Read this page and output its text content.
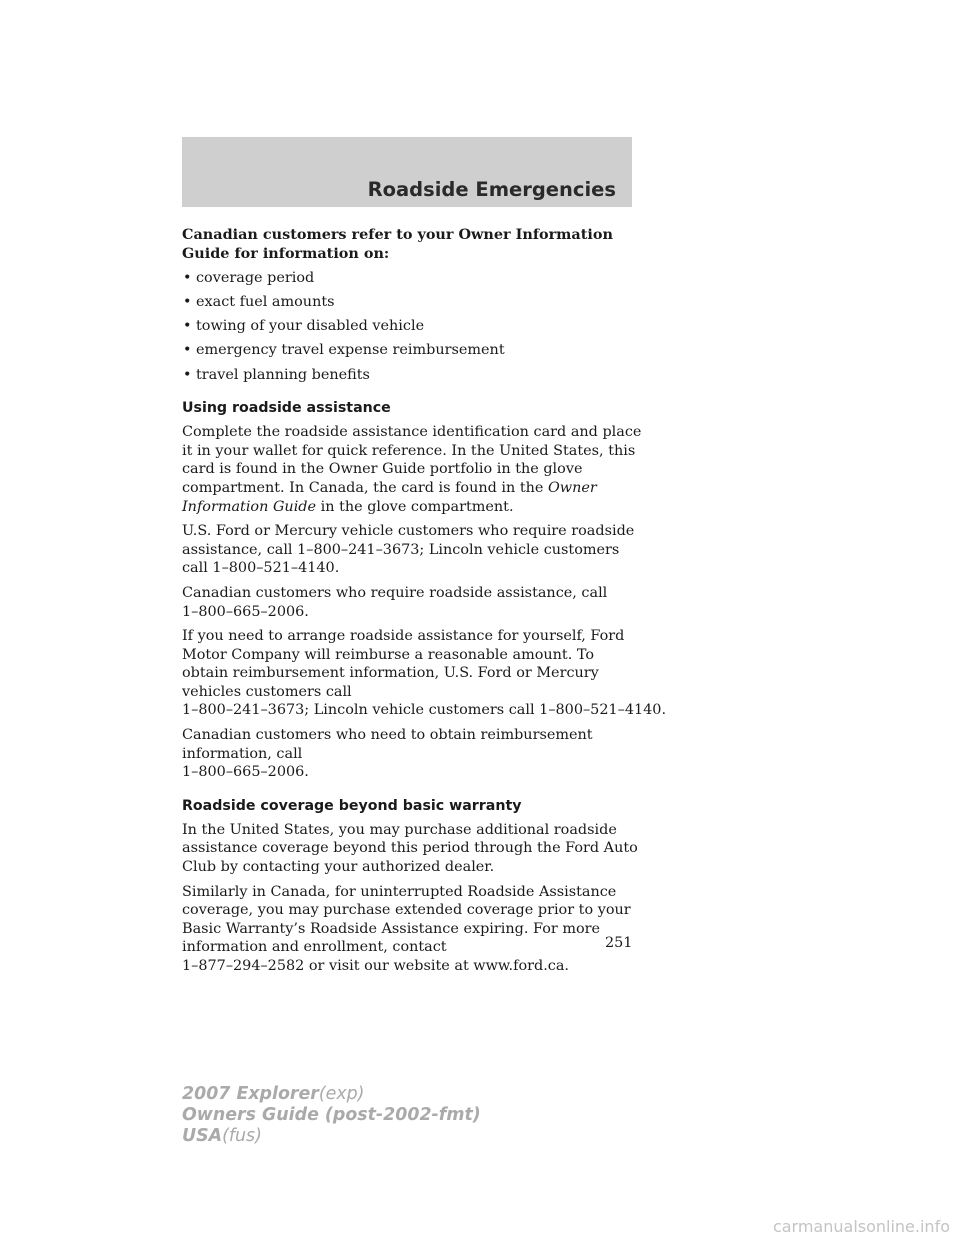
Roadside Emergencies

Canadian customers refer to your Owner Information Guide for information on:

• coverage period
• exact fuel amounts
• towing of your disabled vehicle
• emergency travel expense reimbursement
• travel planning benefits
Using roadside assistance

Complete the roadside assistance identification card and place it in your wallet for quick reference. In the United States, this card is found in the Owner Guide portfolio in the glove compartment. In Canada, the card is found in the Owner Information Guide in the glove compartment.

U.S. Ford or Mercury vehicle customers who require roadside assistance, call 1–800–241–3673; Lincoln vehicle customers call 1–800–521–4140.

Canadian customers who require roadside assistance, call
1–800–665–2006.

If you need to arrange roadside assistance for yourself, Ford Motor Company will reimburse a reasonable amount. To obtain reimbursement information, U.S. Ford or Mercury vehicles customers call
1–800–241–3673; Lincoln vehicle customers call 1–800–521–4140.

Canadian customers who need to obtain reimbursement information, call
1–800–665–2006.

Roadside coverage beyond basic warranty

In the United States, you may purchase additional roadside assistance coverage beyond this period through the Ford Auto Club by contacting your authorized dealer.

Similarly in Canada, for uninterrupted Roadside Assistance coverage, you may purchase extended coverage prior to your Basic Warranty’s Roadside Assistance expiring. For more information and enrollment, contact
1–877–294–2582 or visit our website at www.ford.ca.

251
2007 Explorer(exp)
Owners Guide (post-2002-fmt)
USA(fus)
carmanualsonline.info
